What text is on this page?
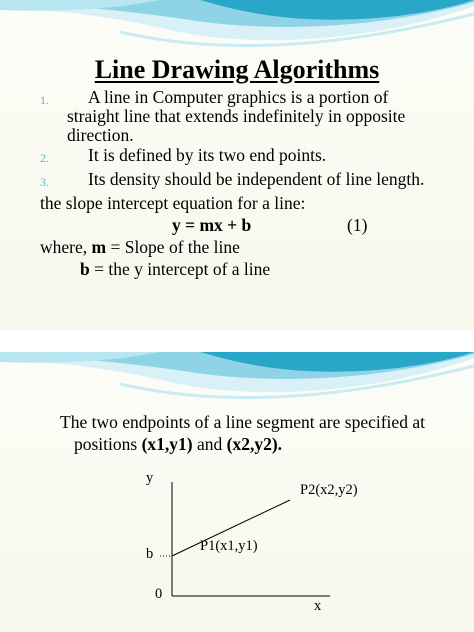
Line Drawing Algorithms
1. A line in Computer graphics is a portion of
straight line that extends indefinitely in opposite
direction.
2. It is defined by its two end points.
3. Its density should be independent of line length.
the slope intercept equation for a line:
y = mx + b	(1)
where, m = Slope of the line
b = the y intercept of a line
The two endpoints of a line segment are specified at
positions (x1,y1) and (x2,y2).
y
x
0
b	P1(x1,y1)
P2(x2,y2)
